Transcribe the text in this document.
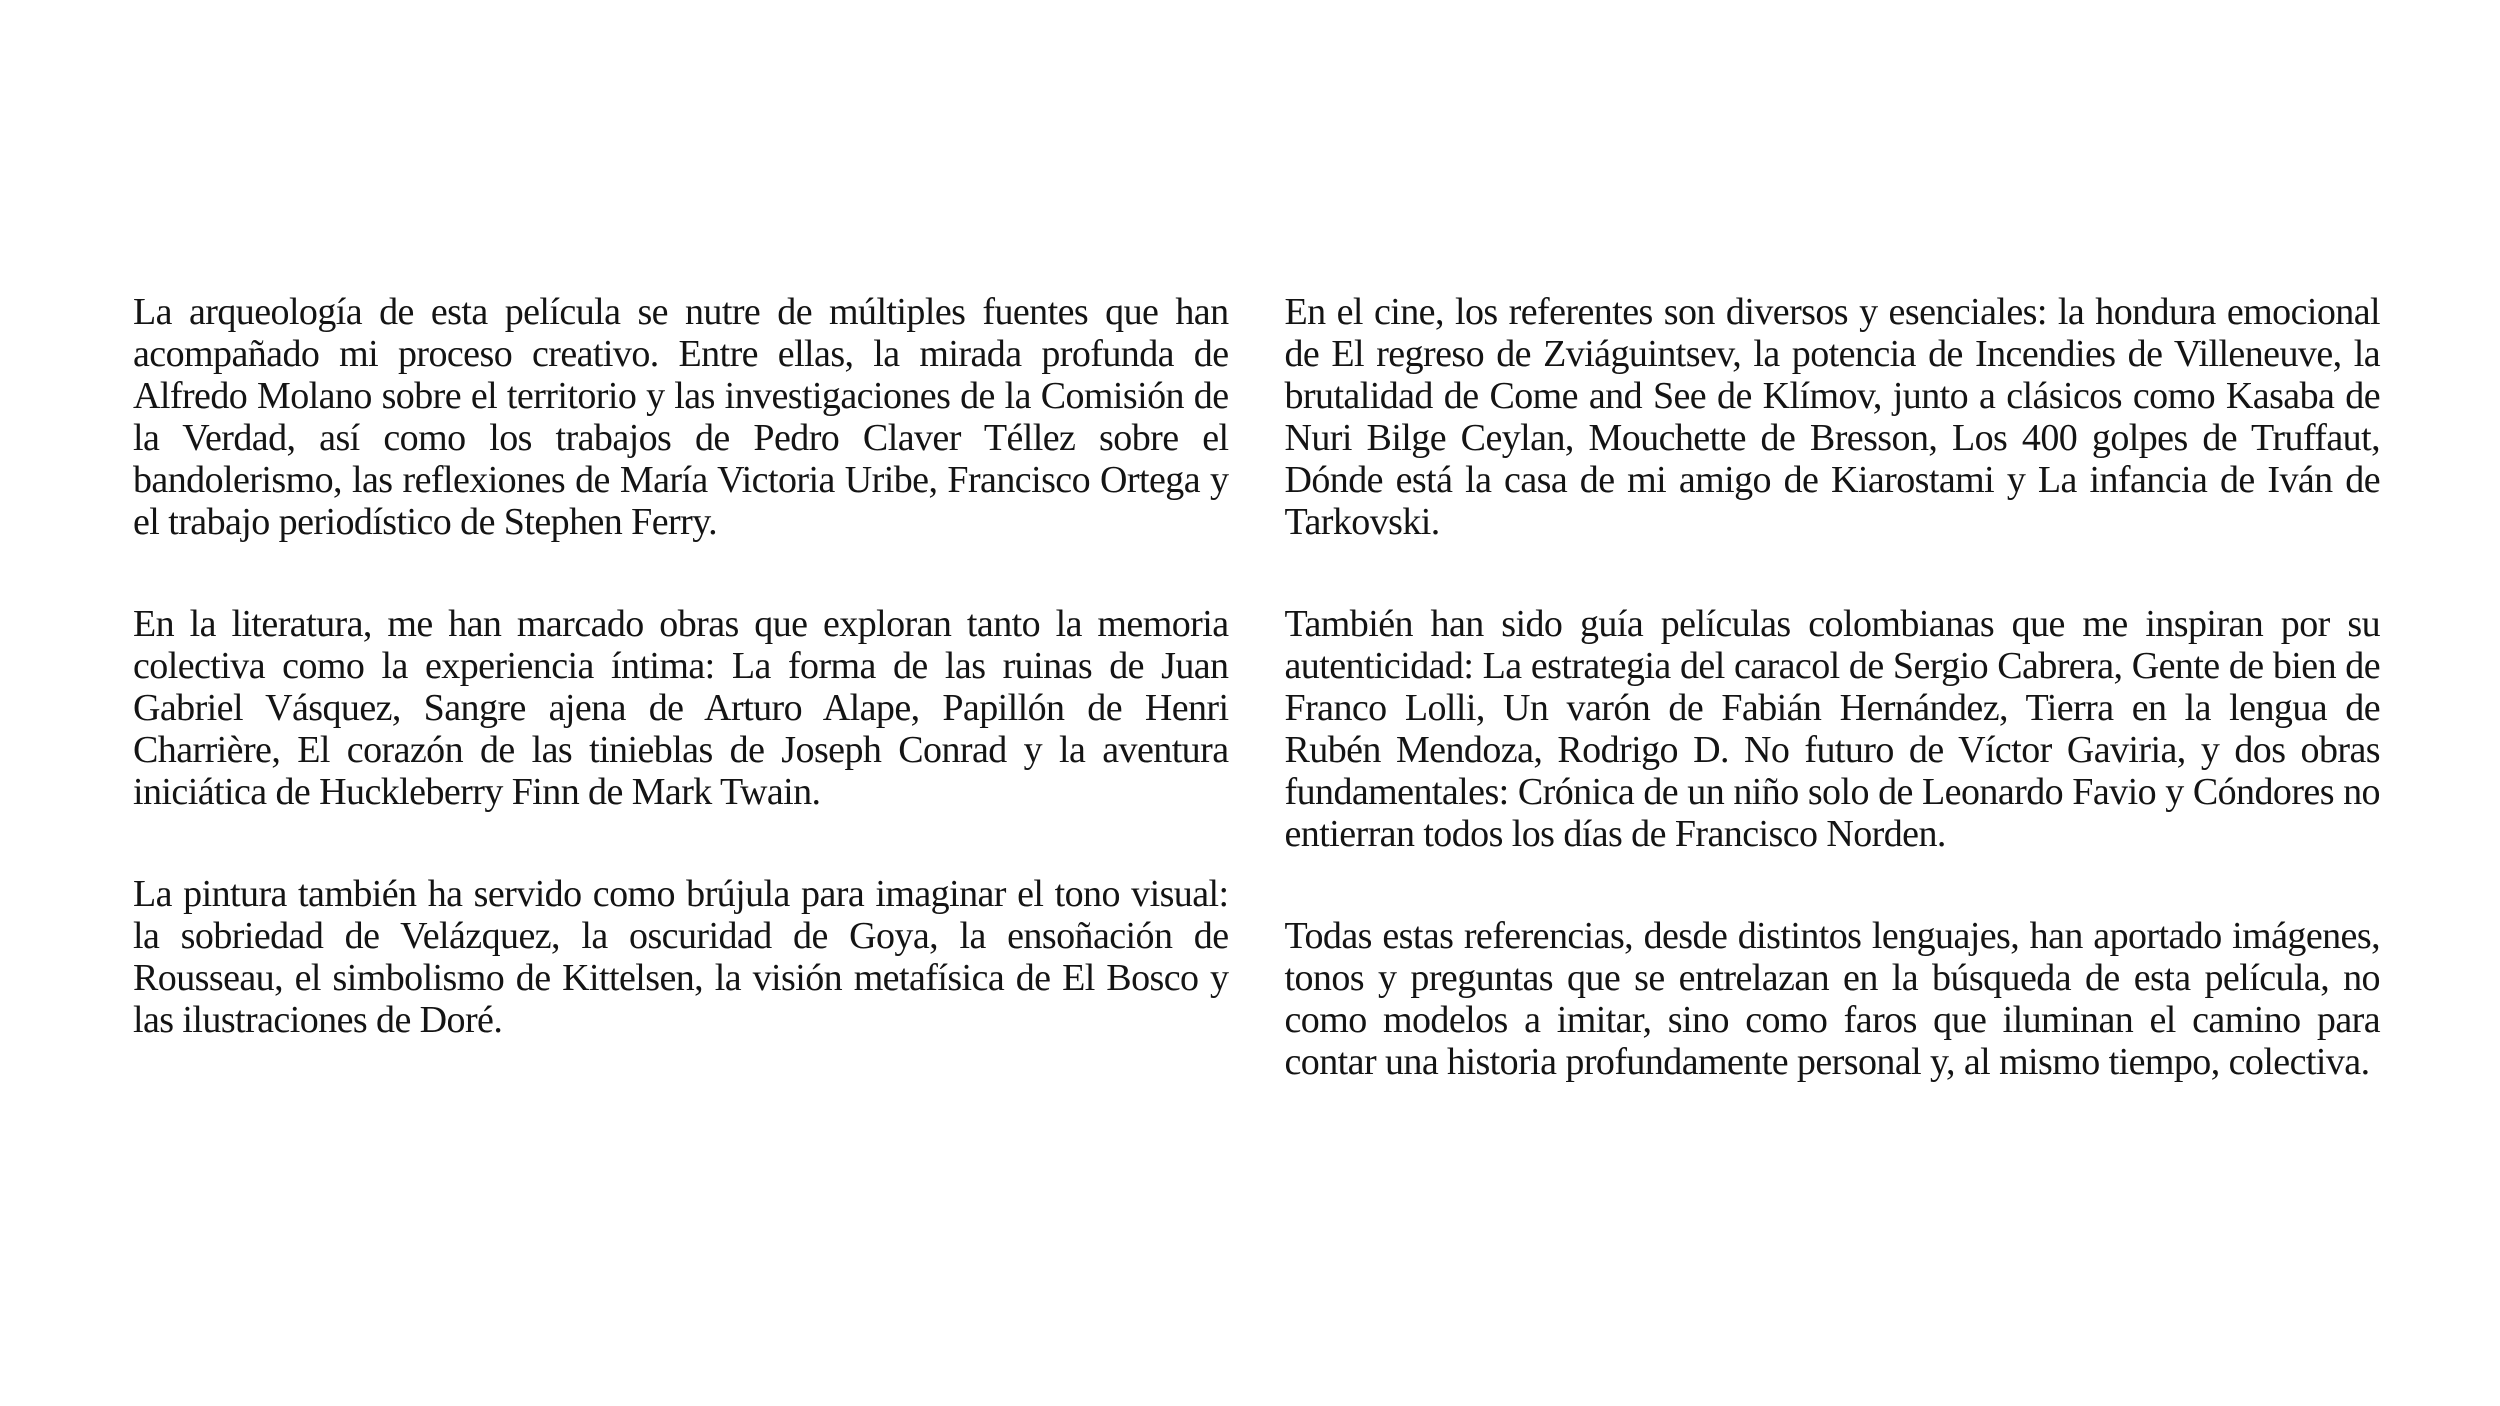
La arqueología de esta película se nutre de múltiples fuentes que han acompañado mi proceso creativo. Entre ellas, la mirada profunda de Alfredo Molano sobre el territorio y las investigaciones de la Comisión de la Verdad, así como los trabajos de Pedro Claver Téllez sobre el bandolerismo, las reflexiones de María Victoria Uribe, Francisco Ortega y el trabajo periodístico de Stephen Ferry.

En la literatura, me han marcado obras que exploran tanto la memoria colectiva como la experiencia íntima: La forma de las ruinas de Juan Gabriel Vásquez, Sangre ajena de Arturo Alape, Papillón de Henri Charrière, El corazón de las tinieblas de Joseph Conrad y la aventura iniciática de Huckleberry Finn de Mark Twain.

La pintura también ha servido como brújula para imaginar el tono visual: la sobriedad de Velázquez, la oscuridad de Goya, la ensoñación de Rousseau, el simbolismo de Kittelsen, la visión metafísica de El Bosco y las ilustraciones de Doré.

En el cine, los referentes son diversos y esenciales: la hondura emocional de El regreso de Zviáguintsev, la potencia de Incendies de Villeneuve, la brutalidad de Come and See de Klímov, junto a clásicos como Kasaba de Nuri Bilge Ceylan, Mouchette de Bresson, Los 400 golpes de Truffaut, Dónde está la casa de mi amigo de Kiarostami y La infancia de Iván de Tarkovski.

También han sido guía películas colombianas que me inspiran por su autenticidad: La estrategia del caracol de Sergio Cabrera, Gente de bien de Franco Lolli, Un varón de Fabián Hernández, Tierra en la lengua de Rubén Mendoza, Rodrigo D. No futuro de Víctor Gaviria, y dos obras fundamentales: Crónica de un niño solo de Leonardo Favio y Cóndores no entierran todos los días de Francisco Norden.

Todas estas referencias, desde distintos lenguajes, han aportado imágenes, tonos y preguntas que se entrelazan en la búsqueda de esta película, no como modelos a imitar, sino como faros que iluminan el camino para contar una historia profundamente personal y, al mismo tiempo, colectiva.
